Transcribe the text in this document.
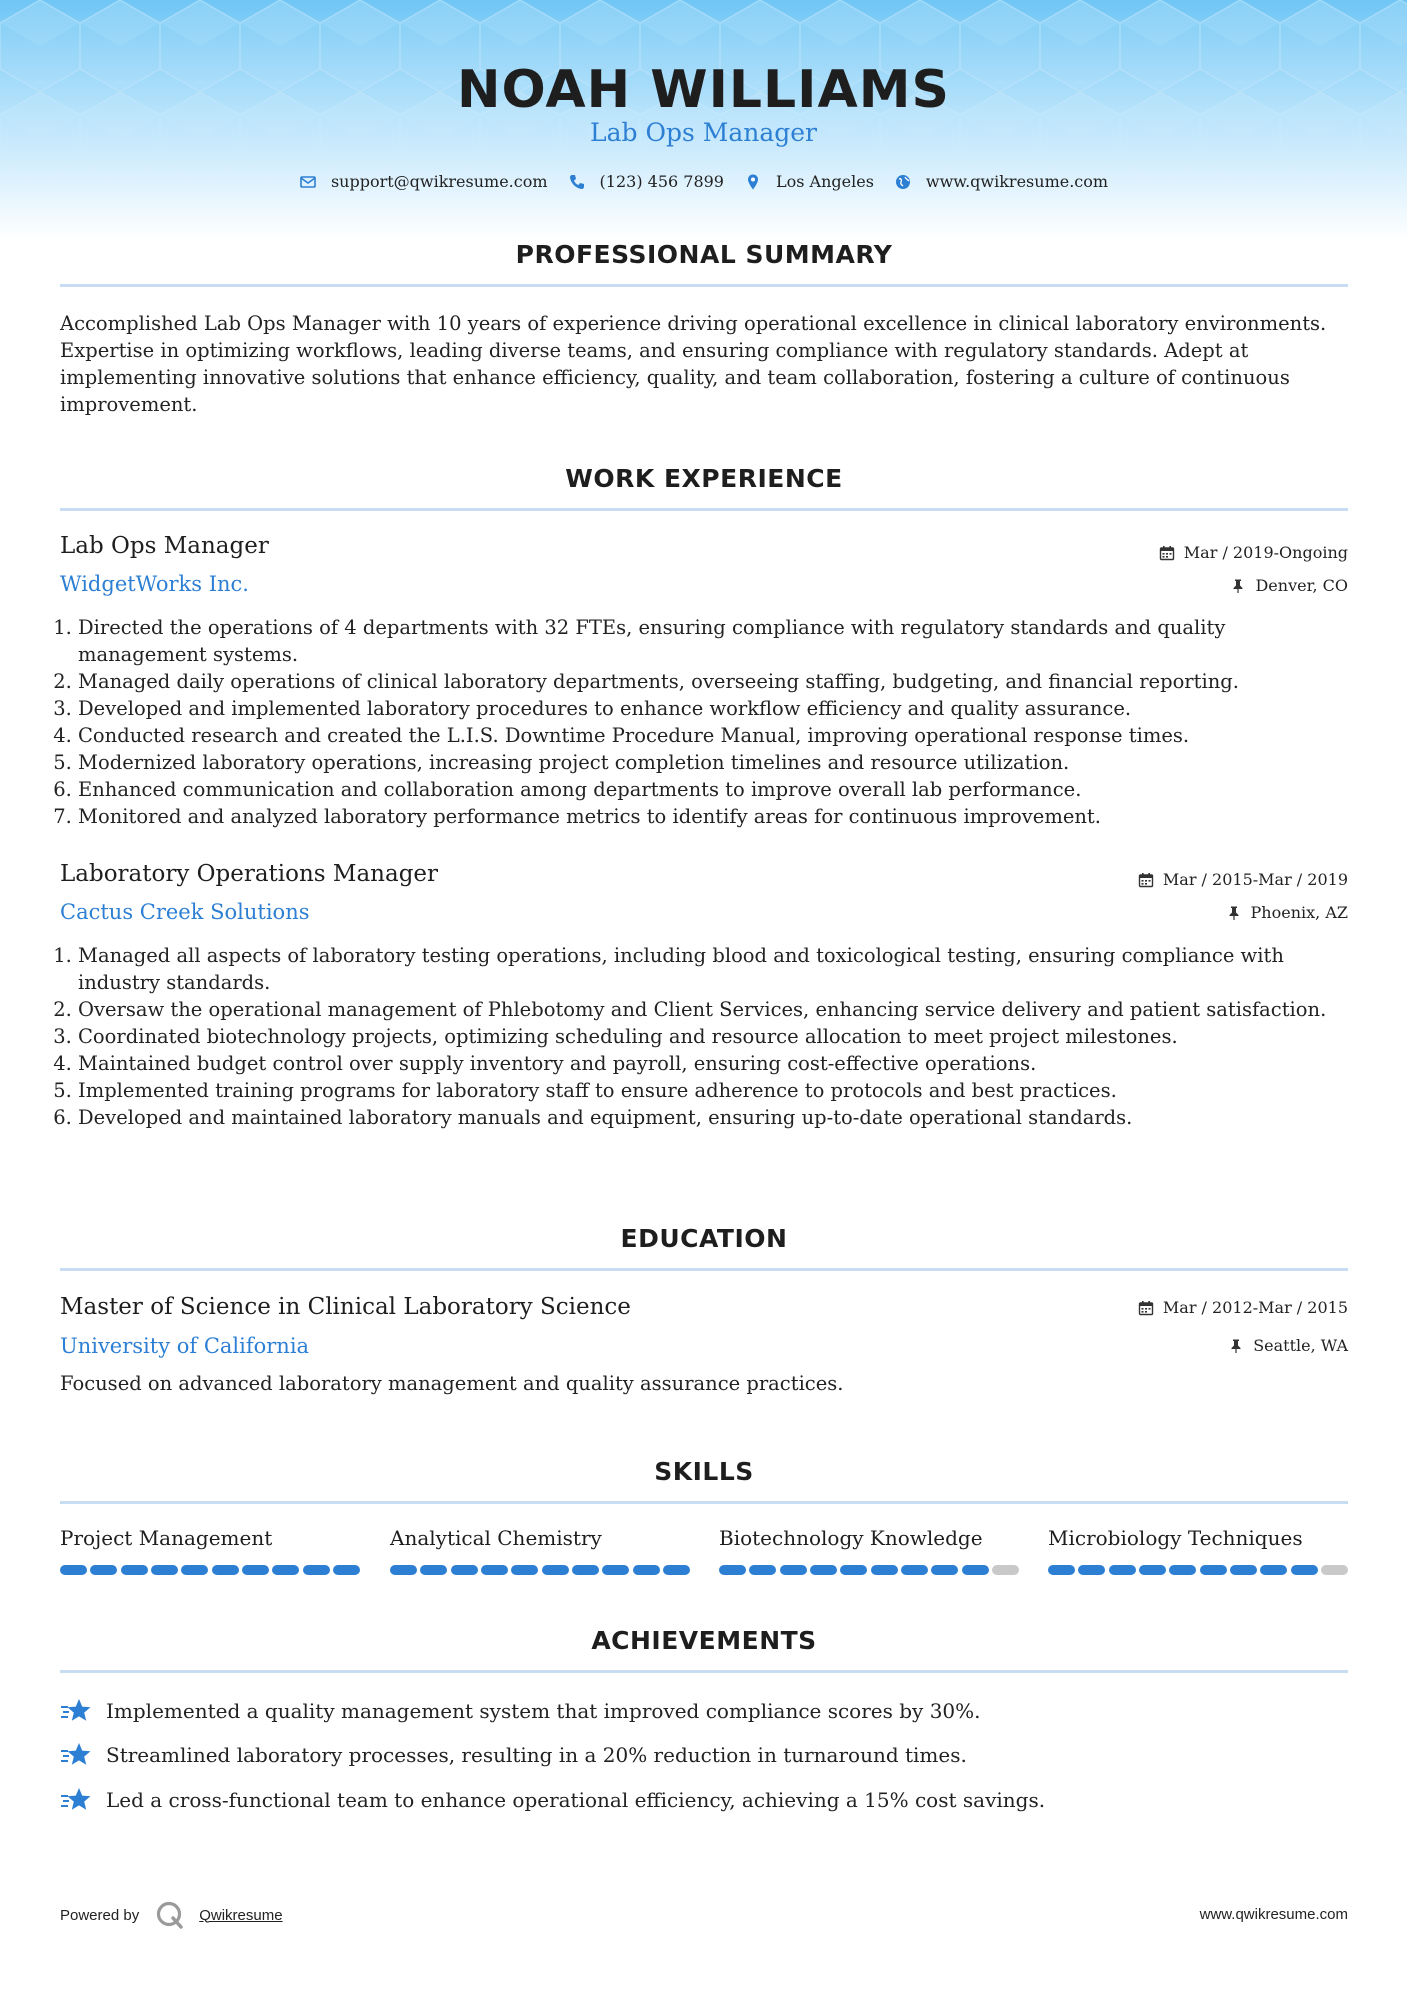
NOAH WILLIAMS
Lab Ops Manager
support@qwikresume.com	(123) 456 7899	Los Angeles	www.qwikresume.com
PROFESSIONAL SUMMARY
Accomplished Lab Ops Manager with 10 years of experience driving operational excellence in clinical laboratory environments. Expertise in optimizing workflows, leading diverse teams, and ensuring compliance with regulatory standards. Adept at implementing innovative solutions that enhance efficiency, quality, and team collaboration, fostering a culture of continuous improvement.
WORK EXPERIENCE
Lab Ops Manager	Mar / 2019-Ongoing
WidgetWorks Inc.	Denver, CO
1. Directed the operations of 4 departments with 32 FTEs, ensuring compliance with regulatory standards and quality management systems.
2. Managed daily operations of clinical laboratory departments, overseeing staffing, budgeting, and financial reporting.
3. Developed and implemented laboratory procedures to enhance workflow efficiency and quality assurance.
4. Conducted research and created the L.I.S. Downtime Procedure Manual, improving operational response times.
5. Modernized laboratory operations, increasing project completion timelines and resource utilization.
6. Enhanced communication and collaboration among departments to improve overall lab performance.
7. Monitored and analyzed laboratory performance metrics to identify areas for continuous improvement.
Laboratory Operations Manager	Mar / 2015-Mar / 2019
Cactus Creek Solutions	Phoenix, AZ
1. Managed all aspects of laboratory testing operations, including blood and toxicological testing, ensuring compliance with industry standards.
2. Oversaw the operational management of Phlebotomy and Client Services, enhancing service delivery and patient satisfaction.
3. Coordinated biotechnology projects, optimizing scheduling and resource allocation to meet project milestones.
4. Maintained budget control over supply inventory and payroll, ensuring cost-effective operations.
5. Implemented training programs for laboratory staff to ensure adherence to protocols and best practices.
6. Developed and maintained laboratory manuals and equipment, ensuring up-to-date operational standards.
EDUCATION
Master of Science in Clinical Laboratory Science	Mar / 2012-Mar / 2015
University of California	Seattle, WA
Focused on advanced laboratory management and quality assurance practices.
SKILLS
Project Management	Analytical Chemistry	Biotechnology Knowledge	Microbiology Techniques
ACHIEVEMENTS
Implemented a quality management system that improved compliance scores by 30%.
Streamlined laboratory processes, resulting in a 20% reduction in turnaround times.
Led a cross-functional team to enhance operational efficiency, achieving a 15% cost savings.
Powered by	Qwikresume	www.qwikresume.com
